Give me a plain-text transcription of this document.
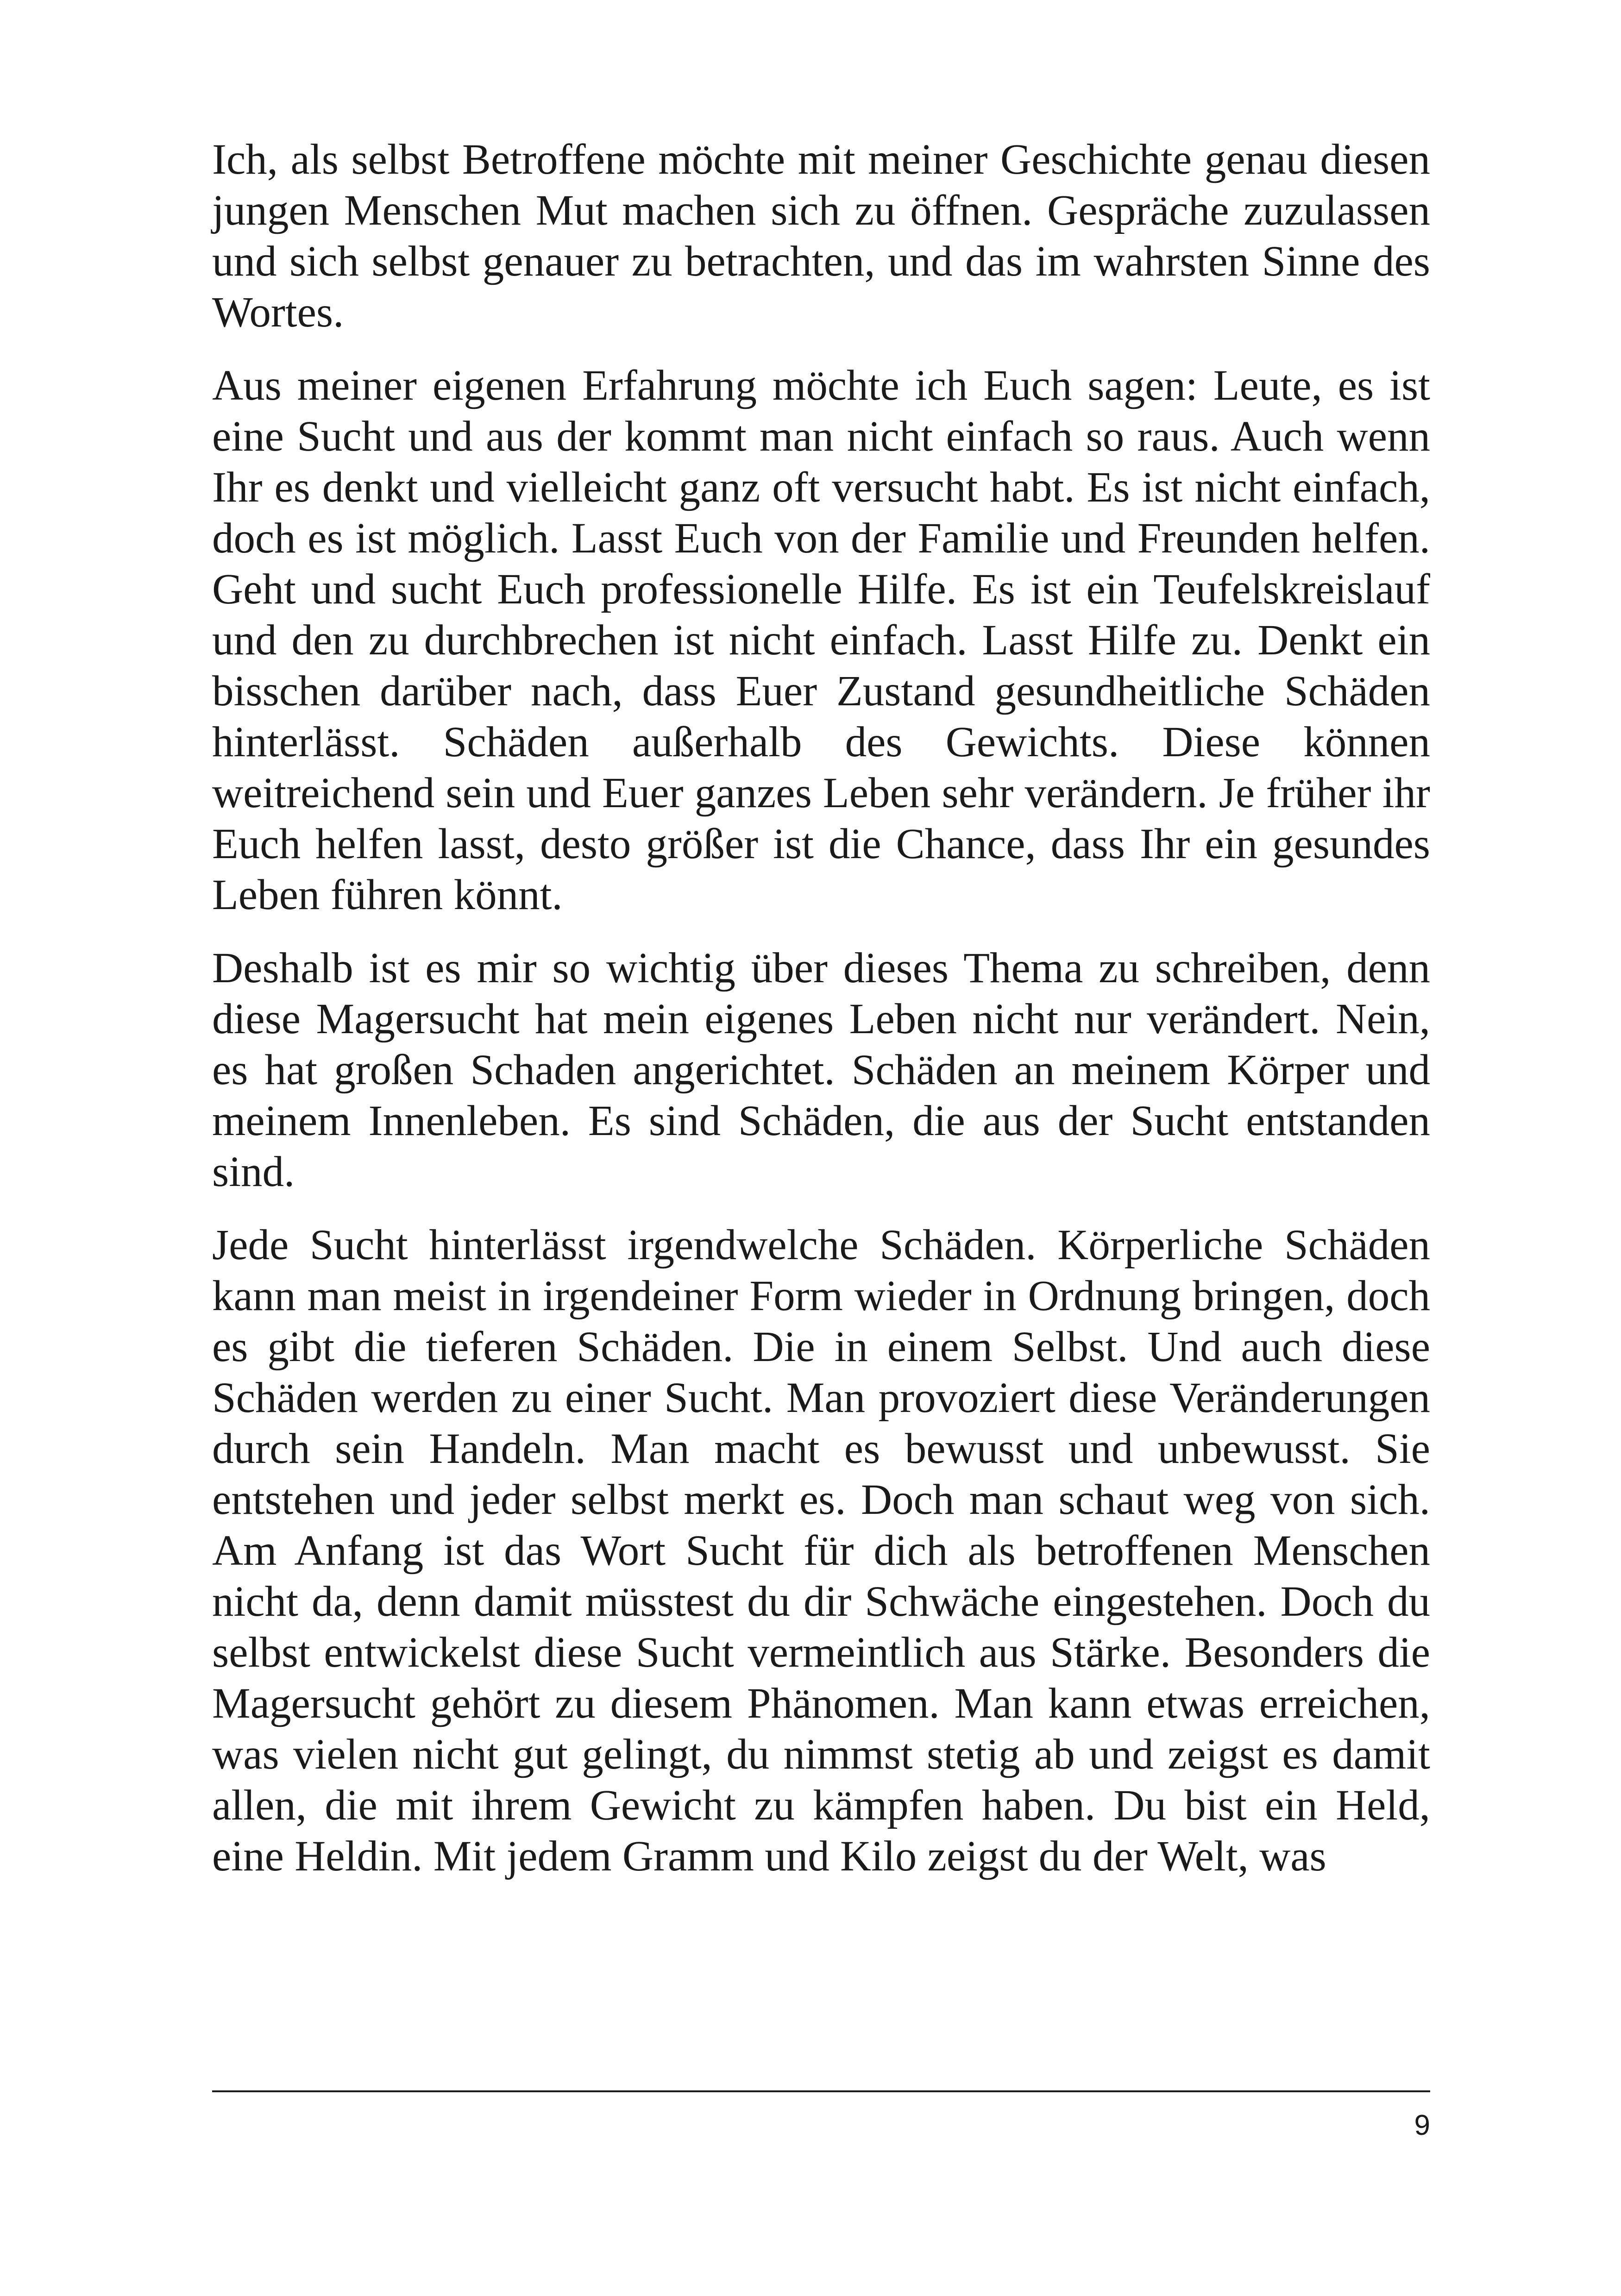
Ich, als selbst Betroffene möchte mit meiner Geschichte genau diesen jungen Menschen Mut machen sich zu öffnen. Gespräche zuzulassen und sich selbst genauer zu betrachten, und das im wahrsten Sinne des Wortes.

Aus meiner eigenen Erfahrung möchte ich Euch sagen: Leute, es ist eine Sucht und aus der kommt man nicht einfach so raus. Auch wenn Ihr es denkt und vielleicht ganz oft versucht habt. Es ist nicht einfach, doch es ist möglich. Lasst Euch von der Familie und Freunden helfen. Geht und sucht Euch professionelle Hilfe. Es ist ein Teufelskreislauf und den zu durchbrechen ist nicht einfach. Lasst Hilfe zu. Denkt ein bisschen darüber nach, dass Euer Zustand gesundheitliche Schäden hinterlässt. Schäden außerhalb des Gewichts. Diese können weitreichend sein und Euer ganzes Leben sehr verändern. Je früher ihr Euch helfen lasst, desto größer ist die Chance, dass Ihr ein gesundes Leben führen könnt.

Deshalb ist es mir so wichtig über dieses Thema zu schreiben, denn diese Magersucht hat mein eigenes Leben nicht nur verändert. Nein, es hat großen Schaden angerichtet. Schäden an meinem Körper und meinem Innenleben. Es sind Schäden, die aus der Sucht entstanden sind.

Jede Sucht hinterlässt irgendwelche Schäden. Körperliche Schäden kann man meist in irgendeiner Form wieder in Ordnung bringen, doch es gibt die tieferen Schäden. Die in einem Selbst. Und auch diese Schäden werden zu einer Sucht. Man provoziert diese Veränderungen durch sein Handeln. Man macht es bewusst und unbewusst. Sie entstehen und jeder selbst merkt es. Doch man schaut weg von sich. Am Anfang ist das Wort Sucht für dich als betroffenen Menschen nicht da, denn damit müsstest du dir Schwäche eingestehen. Doch du selbst entwickelst diese Sucht vermeintlich aus Stärke. Besonders die Magersucht gehört zu diesem Phänomen. Man kann etwas erreichen, was vielen nicht gut gelingt, du nimmst stetig ab und zeigst es damit allen, die mit ihrem Gewicht zu kämpfen haben. Du bist ein Held, eine Heldin. Mit jedem Gramm und Kilo zeigst du der Welt, was

9
